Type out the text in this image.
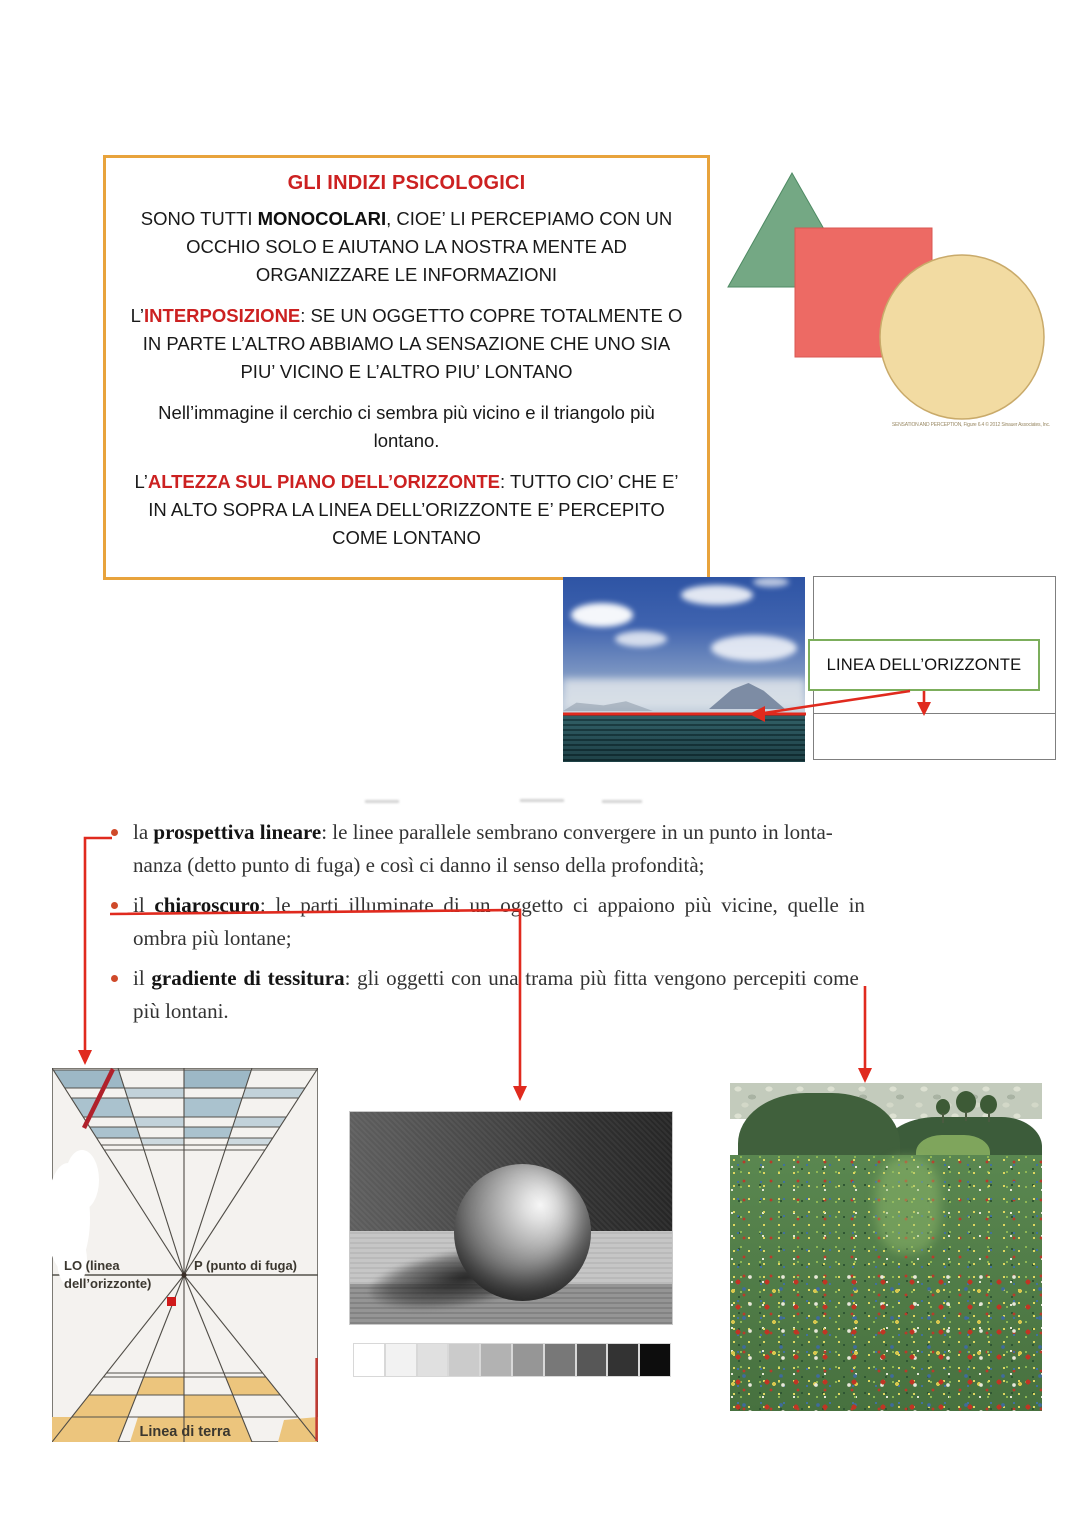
GLI INDIZI PSICOLOGICI

SONO TUTTI MONOCOLARI, CIOE’ LI PERCEPIAMO CON UN OCCHIO SOLO E AIUTANO LA NOSTRA MENTE AD ORGANIZZARE LE INFORMAZIONI

L’INTERPOSIZIONE: SE UN OGGETTO COPRE TOTALMENTE O IN PARTE L’ALTRO ABBIAMO LA SENSAZIONE CHE UNO SIA PIU’ VICINO E L’ALTRO PIU’ LONTANO

Nell’immagine il cerchio ci sembra più vicino e il triangolo più lontano.

L’ALTEZZA SUL PIANO DELL’ORIZZONTE: TUTTO CIO’ CHE E’ IN ALTO SOPRA LA LINEA DELL’ORIZZONTE E’ PERCEPITO COME LONTANO

SENSATION AND PERCEPTION, Figure 6.4 © 2012 Sinauer Associates, Inc.
LINEA DELL’ORIZZONTE
la prospettiva lineare: le linee parallele sembrano convergere in un punto in lonta-
nanza (detto punto di fuga) e così ci danno il senso della profondità;
il chiaroscuro: le parti illuminate di un oggetto ci appaiono più vicine, quelle in
ombra più lontane;
il gradiente di tessitura: gli oggetti con una trama più fitta vengono percepiti come
più lontani.
LO (linea
dell’orizzonte)
P (punto di fuga)
Linea di terra
